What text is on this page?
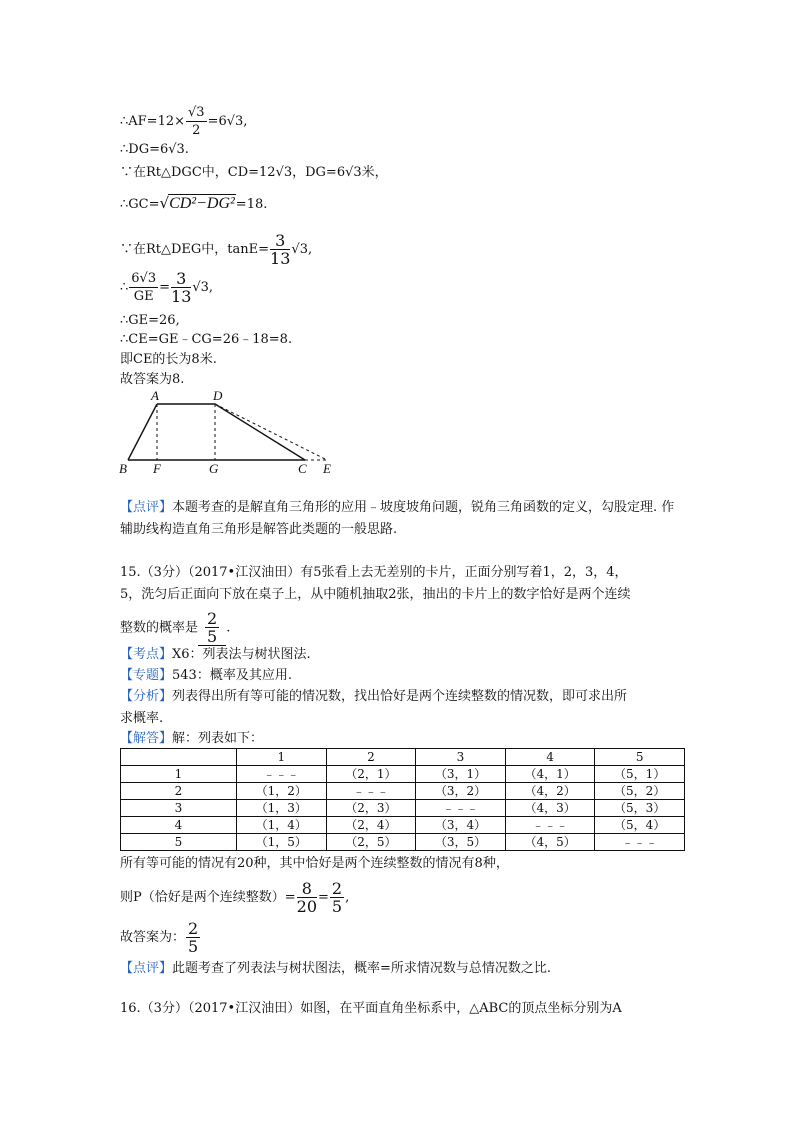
∴AF=12× $\frac{√3}{2} =6√3$,
∴DG=6√3.
∵在Rt△DGC中，CD=12√3，DG=6√3米，
∴GC=√CD²−DG²=18.
∵在Rt△DEG中，$\tan E= \frac{3}{13} √3$,
∴ $\frac{6√3}{GE} = \frac{3}{13} √3$,
∴GE=26,
∴CE=GE﹣CG=26﹣18=8.
即CE的长为8米.
故答案为8.
A	D
B F	G	C E
【点评】本题考查的是解直角三角形的应用﹣坡度坡角问题，锐角三角函数的定义，勾股定理. 作辅助线构造直角三角形是解答此类题的一般思路.
15.（3分）（2017•江汉油田）有5张看上去无差别的卡片，正面分别写着1，2，3，4，
5，洗匀后正面向下放在桌子上，从中随机抽取2张，抽出的卡片上的数字恰好是两个连续
整数的概率是 $\frac{2}{5}$ .
【考点】X6：列表法与树状图法.
【专题】543：概率及其应用.
【分析】列表得出所有等可能的情况数，找出恰好是两个连续整数的情况数，即可求出所
求概率.
【解答】解：列表如下：
	1	2	3	4	5
1	﹣﹣﹣	（2，1）	（3，1）	（4，1）	（5，1）
2	（1，2）	﹣﹣﹣	（3，2）	（4，2）	（5，2）
3	（1，3）	（2，3）	﹣﹣﹣	（4，3）	（5，3）
4	（1，4）	（2，4）	（3，4）	﹣﹣﹣	（5，4）
5	（1，5）	（2，5）	（3，5）	（4，5）	﹣﹣﹣
所有等可能的情况有20种，其中恰好是两个连续整数的情况有8种，
则P（恰好是两个连续整数）= $\frac{8}{20} = \frac{2}{5}$ ,
故答案为： $\frac{2}{5}$
【点评】此题考查了列表法与树状图法，概率=所求情况数与总情况数之比.
16.（3分）（2017•江汉油田）如图，在平面直角坐标系中，△ABC的顶点坐标分别为A
